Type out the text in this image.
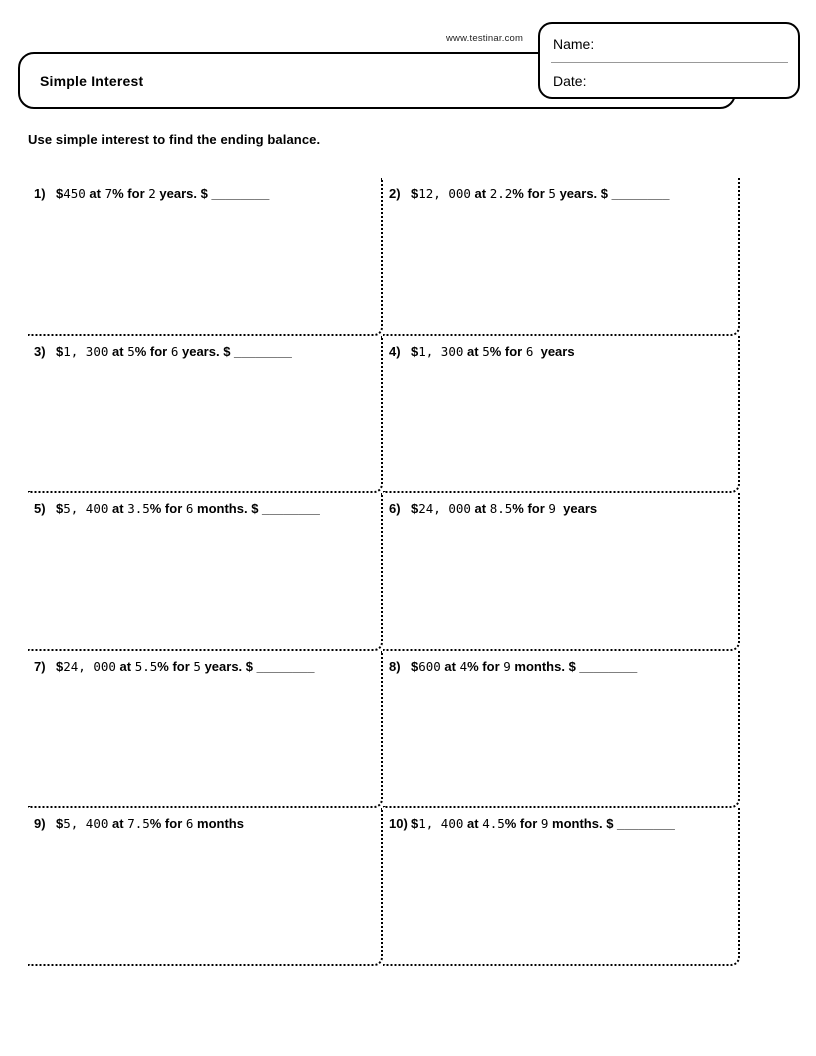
www.testinar.com
Simple Interest
Name:
Date:
Use simple interest to find the ending balance.
1) $450 at 7% for 2 years. $ ________	2) $12, 000 at 2.2% for 5 years. $ ________
3) $1, 300 at 5% for 6 years. $ ________	4) $1, 300 at 5% for 6  years
5) $5, 400 at 3.5% for 6 months. $ ________	6) $24, 000 at 8.5% for 9  years
7) $24, 000 at 5.5% for 5 years. $ ________	8) $600 at 4% for 9 months. $ ________
9) $5, 400 at 7.5% for 6 months	10) $1, 400 at 4.5% for 9 months. $ ________
